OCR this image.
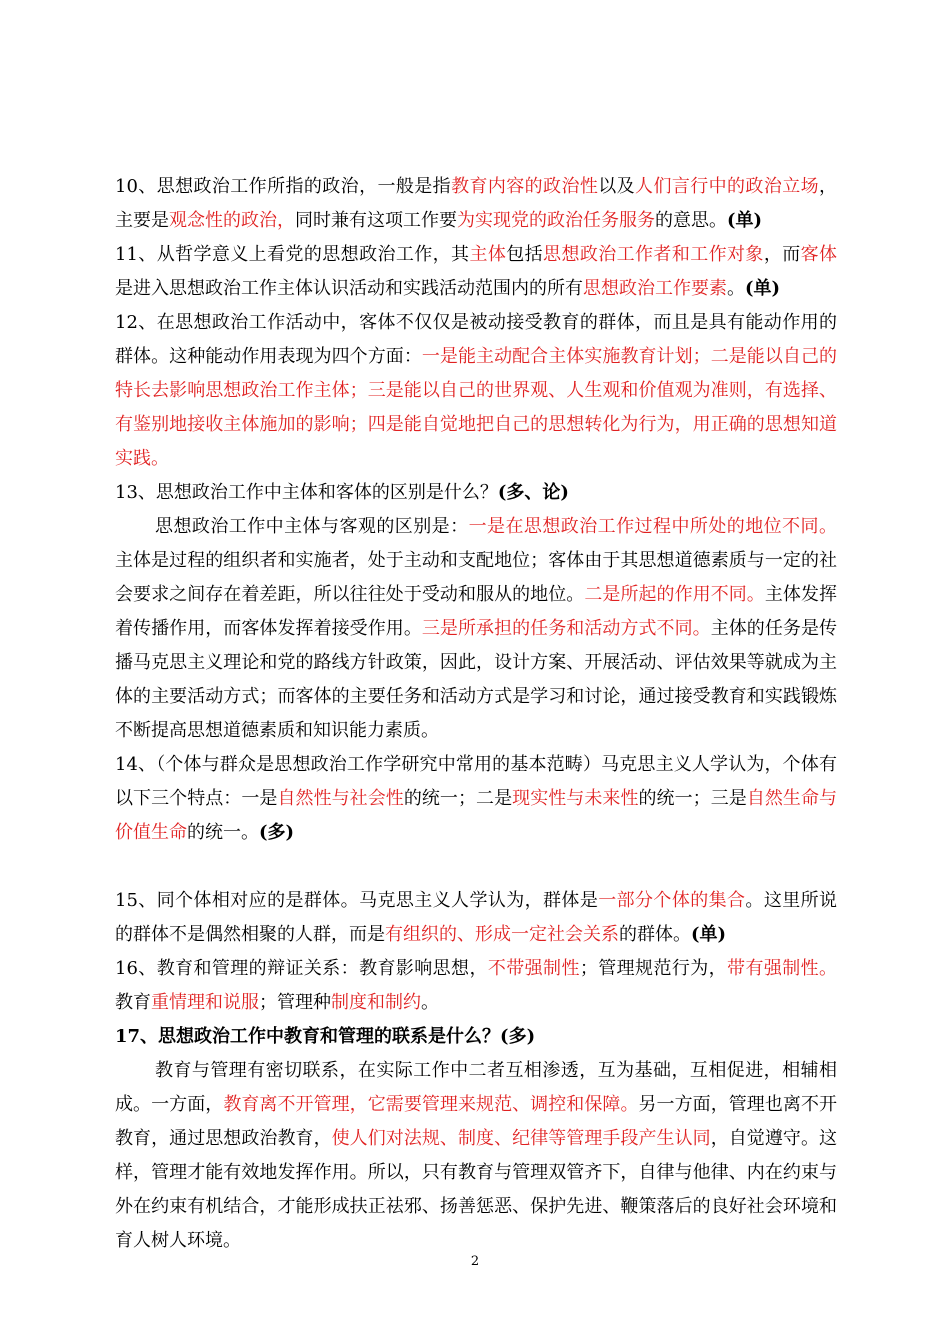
10、思想政治工作所指的政治，一般是指教育内容的政治性以及人们言行中的政治立场，主要是观念性的政治，同时兼有这项工作要为实现党的政治任务服务的意思。(单)

11、从哲学意义上看党的思想政治工作，其主体包括思想政治工作者和工作对象，而客体是进入思想政治工作主体认识活动和实践活动范围内的所有思想政治工作要素。(单)

12、在思想政治工作活动中，客体不仅仅是被动接受教育的群体，而且是具有能动作用的群体。这种能动作用表现为四个方面：一是能主动配合主体实施教育计划；二是能以自己的特长去影响思想政治工作主体；三是能以自己的世界观、人生观和价值观为准则，有选择、有鉴别地接收主体施加的影响；四是能自觉地把自己的思想转化为行为，用正确的思想知道实践。

13、思想政治工作中主体和客体的区别是什么？(多、论)

思想政治工作中主体与客观的区别是：一是在思想政治工作过程中所处的地位不同。主体是过程的组织者和实施者，处于主动和支配地位；客体由于其思想道德素质与一定的社会要求之间存在着差距，所以往往处于受动和服从的地位。二是所起的作用不同。主体发挥着传播作用，而客体发挥着接受作用。三是所承担的任务和活动方式不同。主体的任务是传播马克思主义理论和党的路线方针政策，因此，设计方案、开展活动、评估效果等就成为主体的主要活动方式；而客体的主要任务和活动方式是学习和讨论，通过接受教育和实践锻炼不断提高思想道德素质和知识能力素质。

14、（个体与群众是思想政治工作学研究中常用的基本范畴）马克思主义人学认为，个体有以下三个特点：一是自然性与社会性的统一；二是现实性与未来性的统一；三是自然生命与价值生命的统一。(多)

15、同个体相对应的是群体。马克思主义人学认为，群体是一部分个体的集合。这里所说的群体不是偶然相聚的人群，而是有组织的、形成一定社会关系的群体。(单)

16、教育和管理的辩证关系：教育影响思想，不带强制性；管理规范行为，带有强制性。教育重情理和说服；管理种制度和制约。

17、思想政治工作中教育和管理的联系是什么？(多)

教育与管理有密切联系，在实际工作中二者互相渗透，互为基础，互相促进，相辅相成。一方面，教育离不开管理，它需要管理来规范、调控和保障。另一方面，管理也离不开教育，通过思想政治教育，使人们对法规、制度、纪律等管理手段产生认同，自觉遵守。这样，管理才能有效地发挥作用。所以，只有教育与管理双管齐下，自律与他律、内在约束与外在约束有机结合，才能形成扶正祛邪、扬善惩恶、保护先进、鞭策落后的良好社会环境和育人树人环境。

2
